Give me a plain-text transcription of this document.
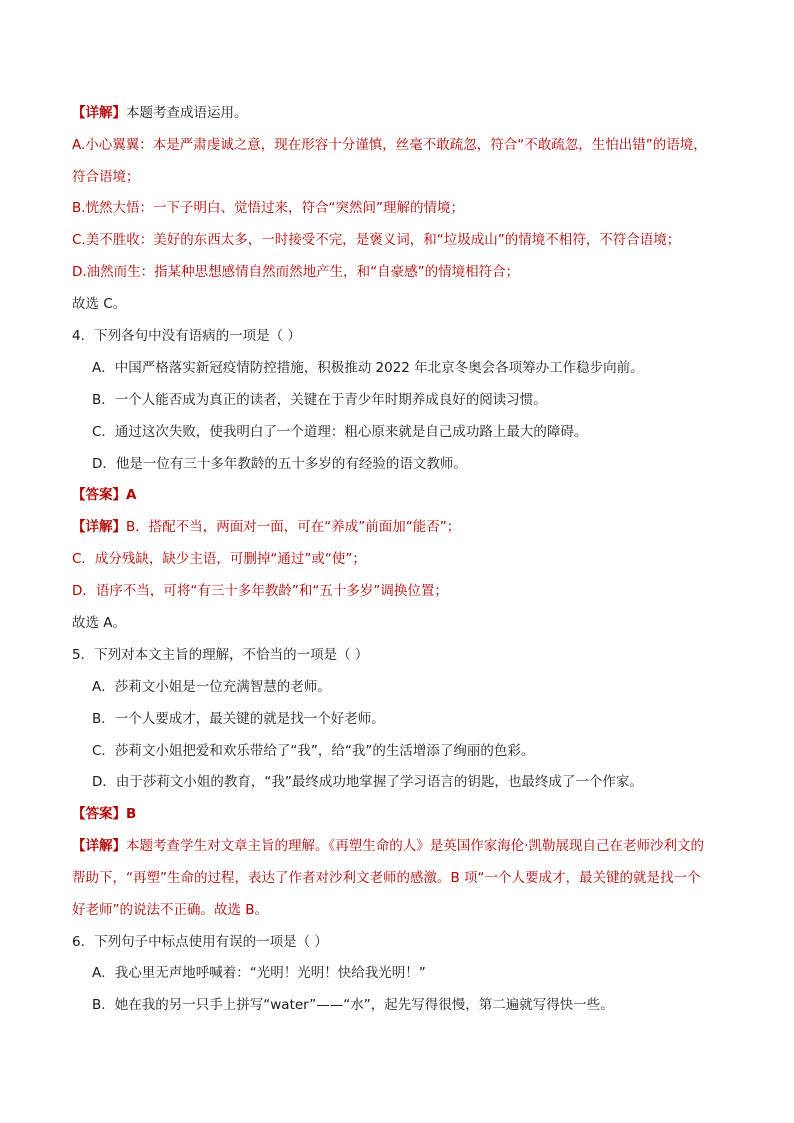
【详解】本题考查成语运用。
A.小心翼翼：本是严肃虔诚之意，现在形容十分谨慎，丝毫不敢疏忽，符合“不敢疏忽，生怕出错”的语境，
符合语境；
B.恍然大悟：一下子明白、觉悟过来，符合“突然间”理解的情境；
C.美不胜收：美好的东西太多，一时接受不完，是褒义词，和“垃圾成山”的情境不相符，不符合语境；
D.油然而生：指某种思想感情自然而然地产生，和“自豪感”的情境相符合；
故选 C。
4．下列各句中没有语病的一项是（ ）
A．中国严格落实新冠疫情防控措施，积极推动 2022 年北京冬奥会各项筹办工作稳步向前。
B．一个人能否成为真正的读者，关键在于青少年时期养成良好的阅读习惯。
C．通过这次失败，使我明白了一个道理：粗心原来就是自己成功路上最大的障碍。
D．他是一位有三十多年教龄的五十多岁的有经验的语文教师。
【答案】A
【详解】B．搭配不当，两面对一面，可在“养成”前面加“能否”；
C．成分残缺，缺少主语，可删掉“通过”或“使”；
D．语序不当，可将“有三十多年教龄”和“五十多岁”调换位置；
故选 A。
5．下列对本文主旨的理解，不恰当的一项是（ ）
A．莎莉文小姐是一位充满智慧的老师。
B．一个人要成才，最关键的就是找一个好老师。
C．莎莉文小姐把爱和欢乐带给了“我”，给“我”的生活增添了绚丽的色彩。
D．由于莎莉文小姐的教育，“我”最终成功地掌握了学习语言的钥匙，也最终成了一个作家。
【答案】B
【详解】本题考查学生对文章主旨的理解。《再塑生命的人》是英国作家海伦·凯勒展现自己在老师沙利文的
帮助下，“再塑”生命的过程，表达了作者对沙利文老师的感激。B 项“一个人要成才，最关键的就是找一个
好老师”的说法不正确。故选 B。
6．下列句子中标点使用有误的一项是（ ）
A．我心里无声地呼喊着：“光明！光明！快给我光明！”
B．她在我的另一只手上拼写“water”——“水”，起先写得很慢，第二遍就写得快一些。
